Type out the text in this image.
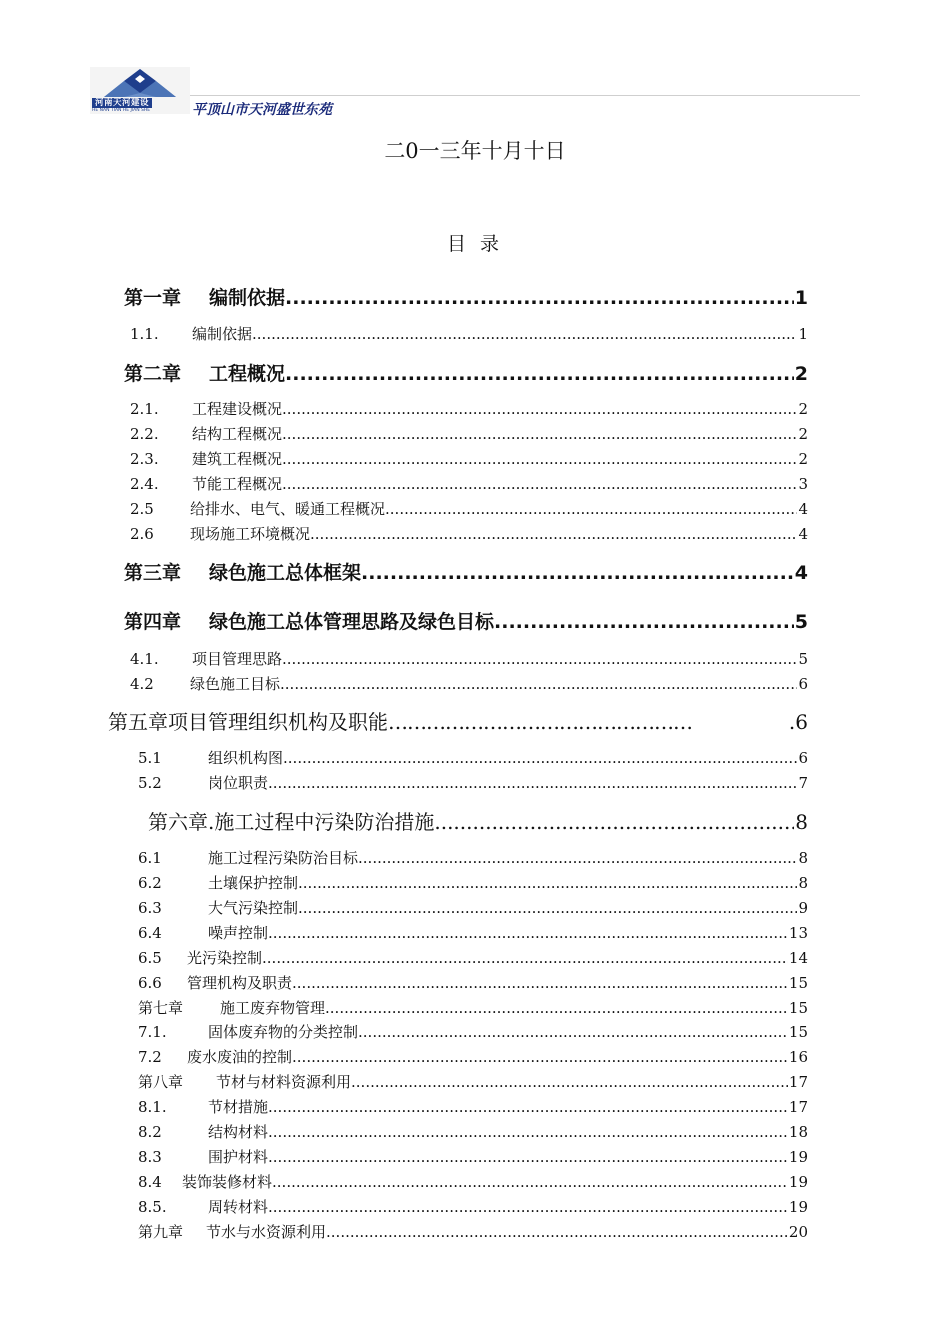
河南天河建设
HE NAN TIAN HE JIAN SHE	平顶山市天河盛世东苑
二0一三年十月十日
目 录
第一章	编制依据 .....	1
1.1.	编制依据 .....	1
第二章	工程概况 .....	2
2.1.	工程建设概况 .....	2
2.2.	结构工程概况 .....	2
2.3.	建筑工程概况 .....	2
2.4.	节能工程概况 .....	3
2.5	给排水、电气、暖通工程概况 .....	4
2.6	现场施工环境概况 .....	4
第三章	绿色施工总体框架 .....	4
第四章	绿色施工总体管理思路及绿色目标 .....	5
4.1.	项目管理思路 .....	5
4.2	绿色施工目标 .....	6
第五章项目管理组织机构及职能 …………………………………………	.6
5.1	组织机构图 .....	6
5.2	岗位职责 .....	7
第六章.施工过程中污染防治措施 .....	8
6.1	施工过程污染防治目标 .....	8
6.2	土壤保护控制 .....	8
6.3	大气污染控制 .....	9
6.4	噪声控制 .....	13
6.5	光污染控制 .....	14
6.6	管理机构及职责 .....	15
第七章	施工废弃物管理 .....	15
7.1.	固体废弃物的分类控制 .....	15
7.2	废水废油的控制 .....	16
第八章	节材与材料资源利用 .....	17
8.1.	节材措施 .....	17
8.2	结构材料 .....	18
8.3	围护材料 .....	19
8.4	装饰装修材料 .....	19
8.5.	周转材料 .....	19
第九章	节水与水资源利用 .....	20
